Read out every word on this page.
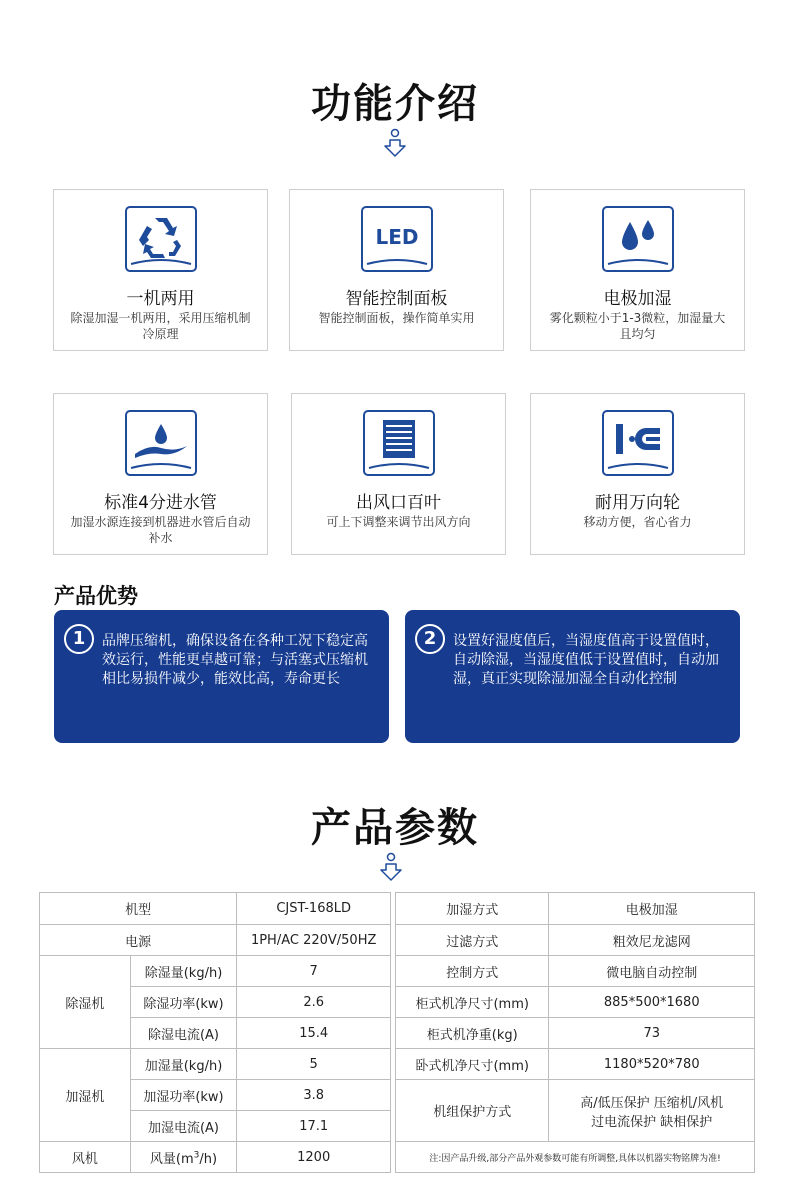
功能介绍
一机两用
除湿加湿一机两用，采用压缩机制冷原理
LED
智能控制面板
智能控制面板，操作简单实用
电极加湿
雾化颗粒小于1-3微粒，加湿量大且均匀
标准4分进水管
加湿水源连接到机器进水管后自动补水
出风口百叶
可上下调整来调节出风方向
耐用万向轮
移动方便，省心省力
产品优势
1	品牌压缩机，确保设备在各种工况下稳定高效运行，性能更卓越可靠；与活塞式压缩机相比易损件减少，能效比高，寿命更长
2	设置好湿度值后，当湿度值高于设置值时，自动除湿，当湿度值低于设置值时，自动加湿，真正实现除湿加湿全自动化控制
产品参数
机型		CJST-168LD
电源		1PH/AC 220V/50HZ
除湿机	除湿量(kg/h)	7
	除湿功率(kw)	2.6
	除湿电流(A)	15.4
加湿机	加湿量(kg/h)	5
	加湿功率(kw)	3.8
	加湿电流(A)	17.1
风机	风量$(m^3/h)$	1200
加湿方式	电极加湿
过滤方式	粗效尼龙滤网
控制方式	微电脑自动控制
柜式机净尺寸(mm)	885*500*1680
柜式机净重(kg)	73
卧式机净尺寸(mm)	1180*520*780
机组保护方式	高/低压保护 压缩机/风机
过电流保护 缺相保护

注:因产品升级,部分产品外观参数可能有所调整,具体以机器实物铭牌为准!	
